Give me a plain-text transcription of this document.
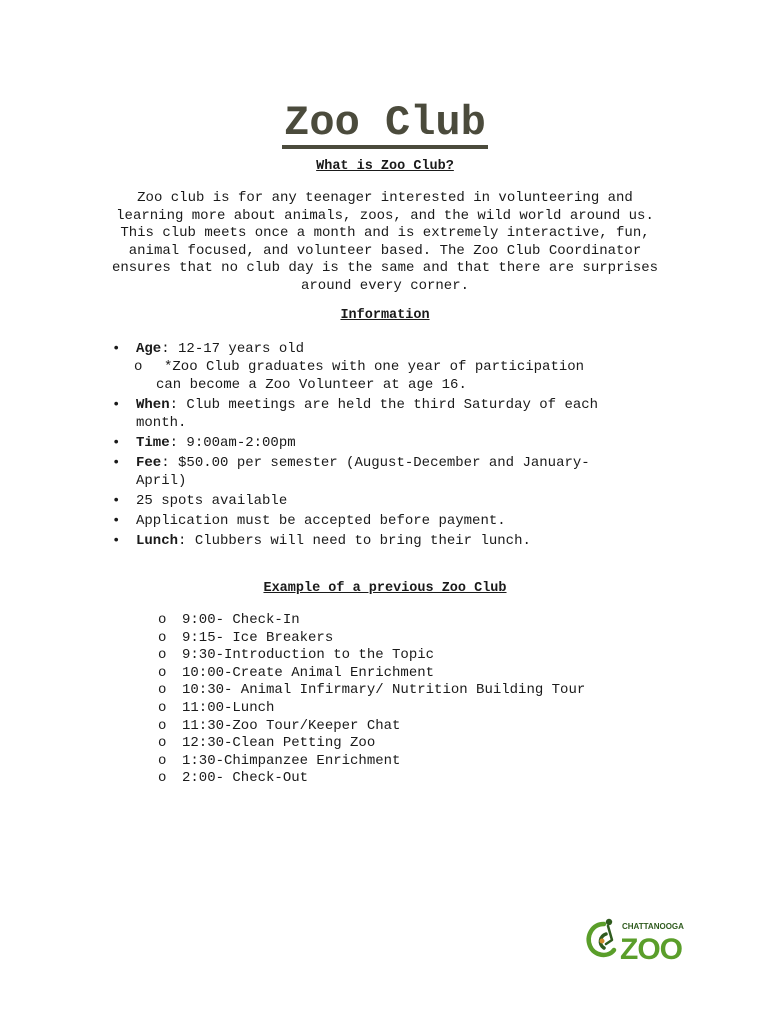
Zoo Club
What is Zoo Club?

Zoo club is for any teenager interested in volunteering and
learning more about animals, zoos, and the wild world around us.
This club meets once a month and is extremely interactive, fun,
animal focused, and volunteer based. The Zoo Club Coordinator
ensures that no club day is the same and that there are surprises
around every corner.

Information
• Age: 12-17 years old
o *Zoo Club graduates with one year of participation
can become a Zoo Volunteer at age 16.
• When: Club meetings are held the third Saturday of each
month.
• Time: 9:00am-2:00pm
• Fee: $50.00 per semester (August-December and January-
April)
• 25 spots available
• Application must be accepted before payment.
• Lunch: Clubbers will need to bring their lunch.
Example of a previous Zoo Club
o 9:00- Check-In
o 9:15- Ice Breakers
o 9:30-Introduction to the Topic
o 10:00-Create Animal Enrichment
o 10:30- Animal Infirmary/ Nutrition Building Tour
o 11:00-Lunch
o 11:30-Zoo Tour/Keeper Chat
o 12:30-Clean Petting Zoo
o 1:30-Chimpanzee Enrichment
o 2:00- Check-Out
CHATTANOOGA
ZOO
